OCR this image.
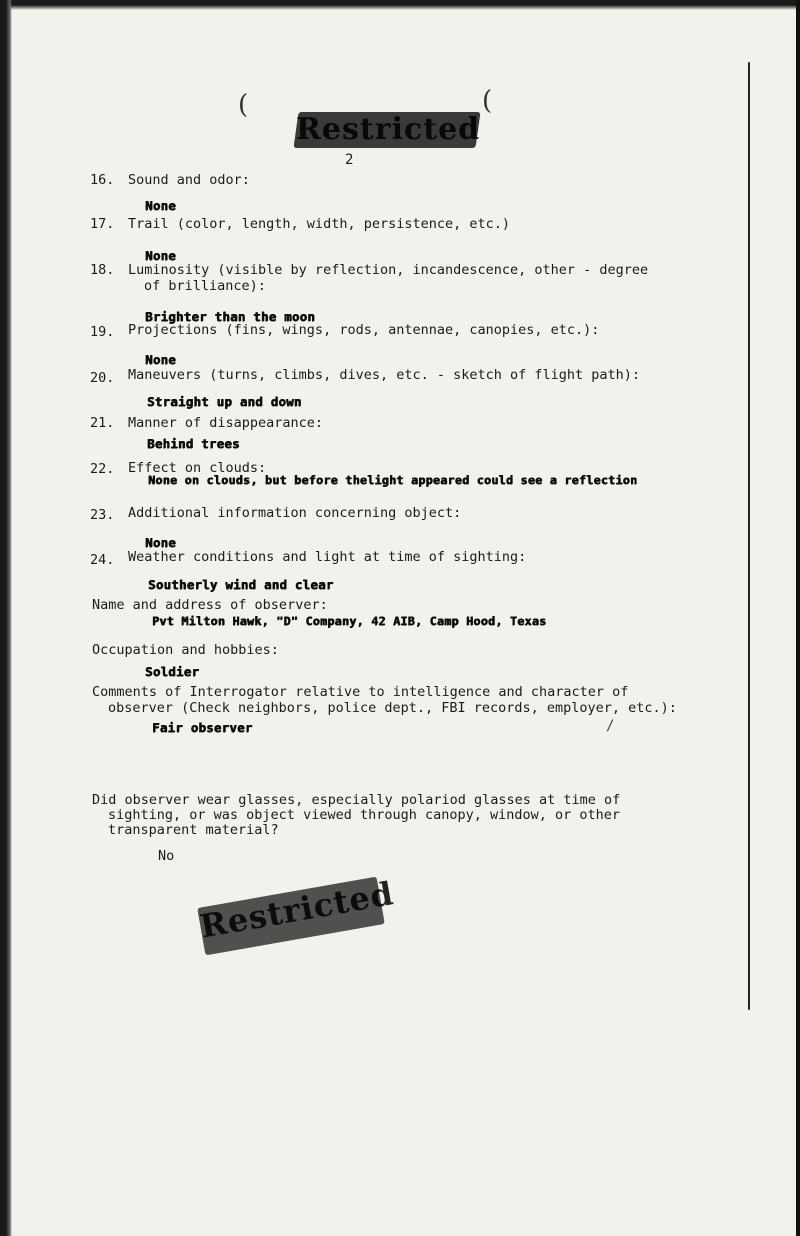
(	(
Restricted
2
16. Sound and odor:
None
17. Trail (color, length, width, persistence, etc.)
None
18. Luminosity (visible by reflection, incandescence, other - degree
of brilliance):
Brighter than the moon
19. Projections (fins, wings, rods, antennae, canopies, etc.):
None
20. Maneuvers (turns, climbs, dives, etc. - sketch of flight path):
Straight up and down
21. Manner of disappearance:
Behind trees
22. Effect on clouds:
None on clouds, but before thelight appeared could see a reflection
23. Additional information concerning object:
None
24. Weather conditions and light at time of sighting:
Southerly wind and clear
Name and address of observer:
Pvt Milton Hawk, "D" Company, 42 AIB, Camp Hood, Texas
Occupation and hobbies:
Soldier
Comments of Interrogator relative to intelligence and character of
observer (Check neighbors, police dept., FBI records, employer, etc.):
Fair observer	/
Did observer wear glasses, especially polariod glasses at time of
sighting, or was object viewed through canopy, window, or other
transparent material?
No
Restricted
